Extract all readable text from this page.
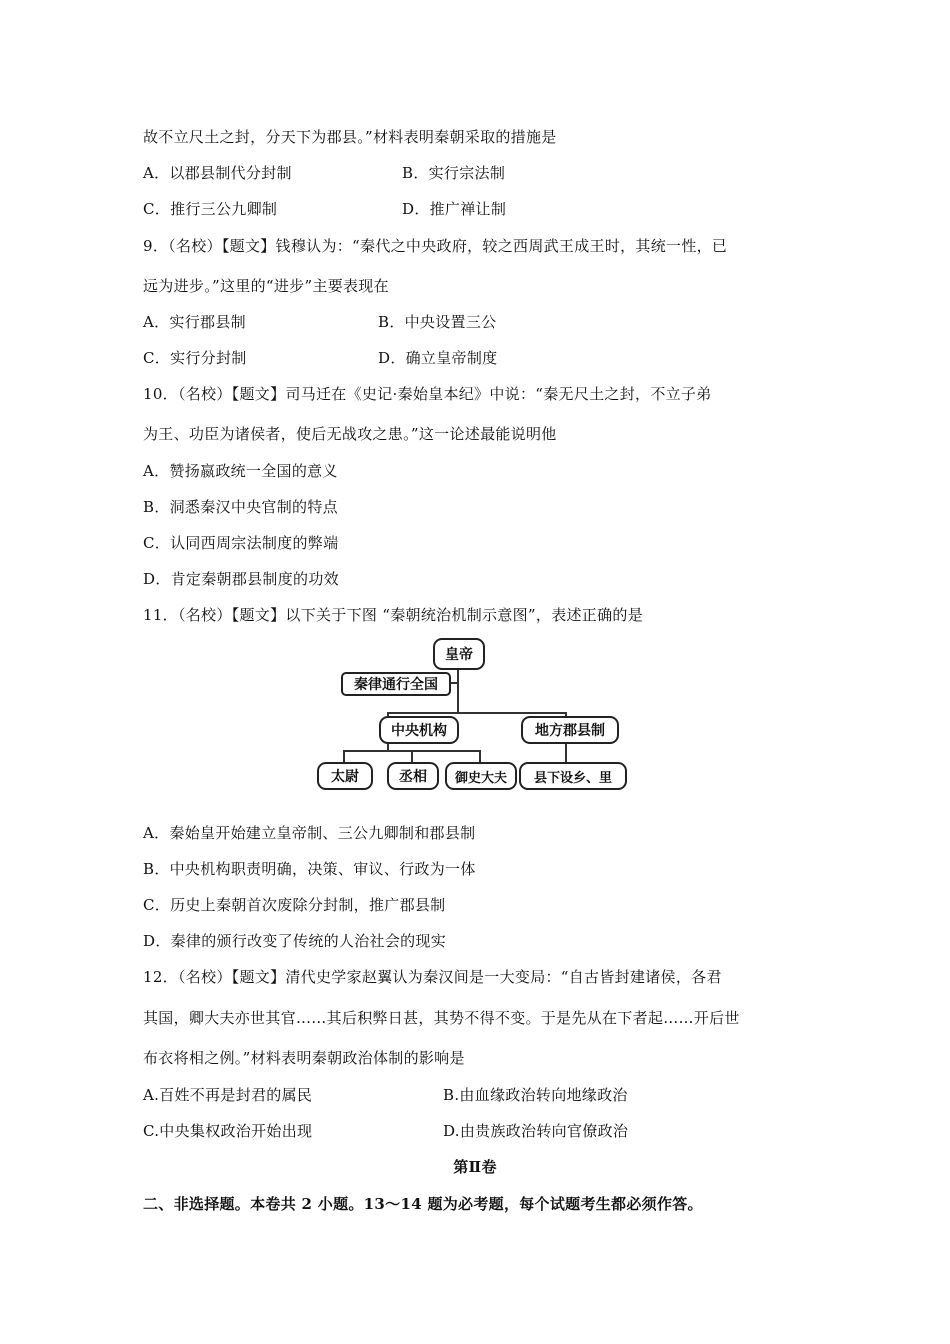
故不立尺土之封，分天下为郡县。”材料表明秦朝采取的措施是
A．以郡县制代分封制	B．实行宗法制
C．推行三公九卿制	D．推广禅让制
9．（名校）【题文】钱穆认为：“秦代之中央政府，较之西周武王成王时，其统一性，已
远为进步。”这里的“进步”主要表现在
A．实行郡县制	B．中央设置三公
C．实行分封制	D．确立皇帝制度
10．（名校）【题文】司马迁在《史记·秦始皇本纪》中说：“秦无尺土之封，不立子弟
为王、功臣为诸侯者，使后无战攻之患。”这一论述最能说明他
A．赞扬嬴政统一全国的意义
B．洞悉秦汉中央官制的特点
C．认同西周宗法制度的弊端
D．肯定秦朝郡县制度的功效
11．（名校）【题文】以下关于下图 “秦朝统治机制示意图”，表述正确的是
皇帝
秦律通行全国
中央机构	地方郡县制
太尉	丞相	御史大夫	县下设乡、里
A．秦始皇开始建立皇帝制、三公九卿制和郡县制
B．中央机构职责明确，决策、审议、行政为一体
C．历史上秦朝首次废除分封制，推广郡县制
D．秦律的颁行改变了传统的人治社会的现实
12．（名校）【题文】清代史学家赵翼认为秦汉间是一大变局：“自古皆封建诸侯，各君
其国，卿大夫亦世其官……其后积弊日甚，其势不得不变。于是先从在下者起……开后世
布衣将相之例。”材料表明秦朝政治体制的影响是
A.百姓不再是封君的属民	B.由血缘政治转向地缘政治
C.中央集权政治开始出现	D.由贵族政治转向官僚政治
第Ⅱ卷
二、非选择题。本卷共 2 小题。13～14 题为必考题，每个试题考生都必须作答。
